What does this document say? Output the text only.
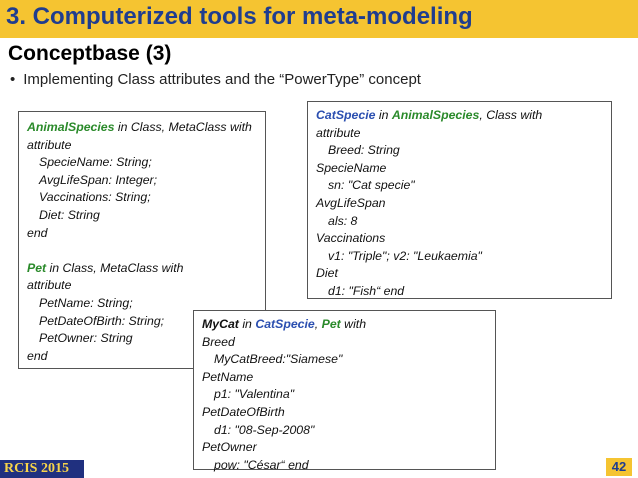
3. Computerized tools for meta-modeling
Conceptbase (3)
• Implementing Class attributes and the “PowerType” concept
AnimalSpecies in Class, MetaClass with
attribute
SpecieName: String;
AvgLifeSpan: Integer;
Vaccinations: String;
Diet: String
end

Pet in Class, MetaClass with
attribute
PetName: String;
PetDateOfBirth: String;
PetOwner: String
end
CatSpecie in AnimalSpecies, Class with
attribute
Breed: String
SpecieName
sn: "Cat specie"
AvgLifeSpan
als: 8
Vaccinations
v1: "Triple"; v2: "Leukaemia"
Diet
d1: "Fish“ end
MyCat in CatSpecie, Pet with
Breed
MyCatBreed:"Siamese"
PetName
p1: "Valentina"
PetDateOfBirth
d1: "08-Sep-2008"
PetOwner
pow: "César“ end
RCIS 2015	42
